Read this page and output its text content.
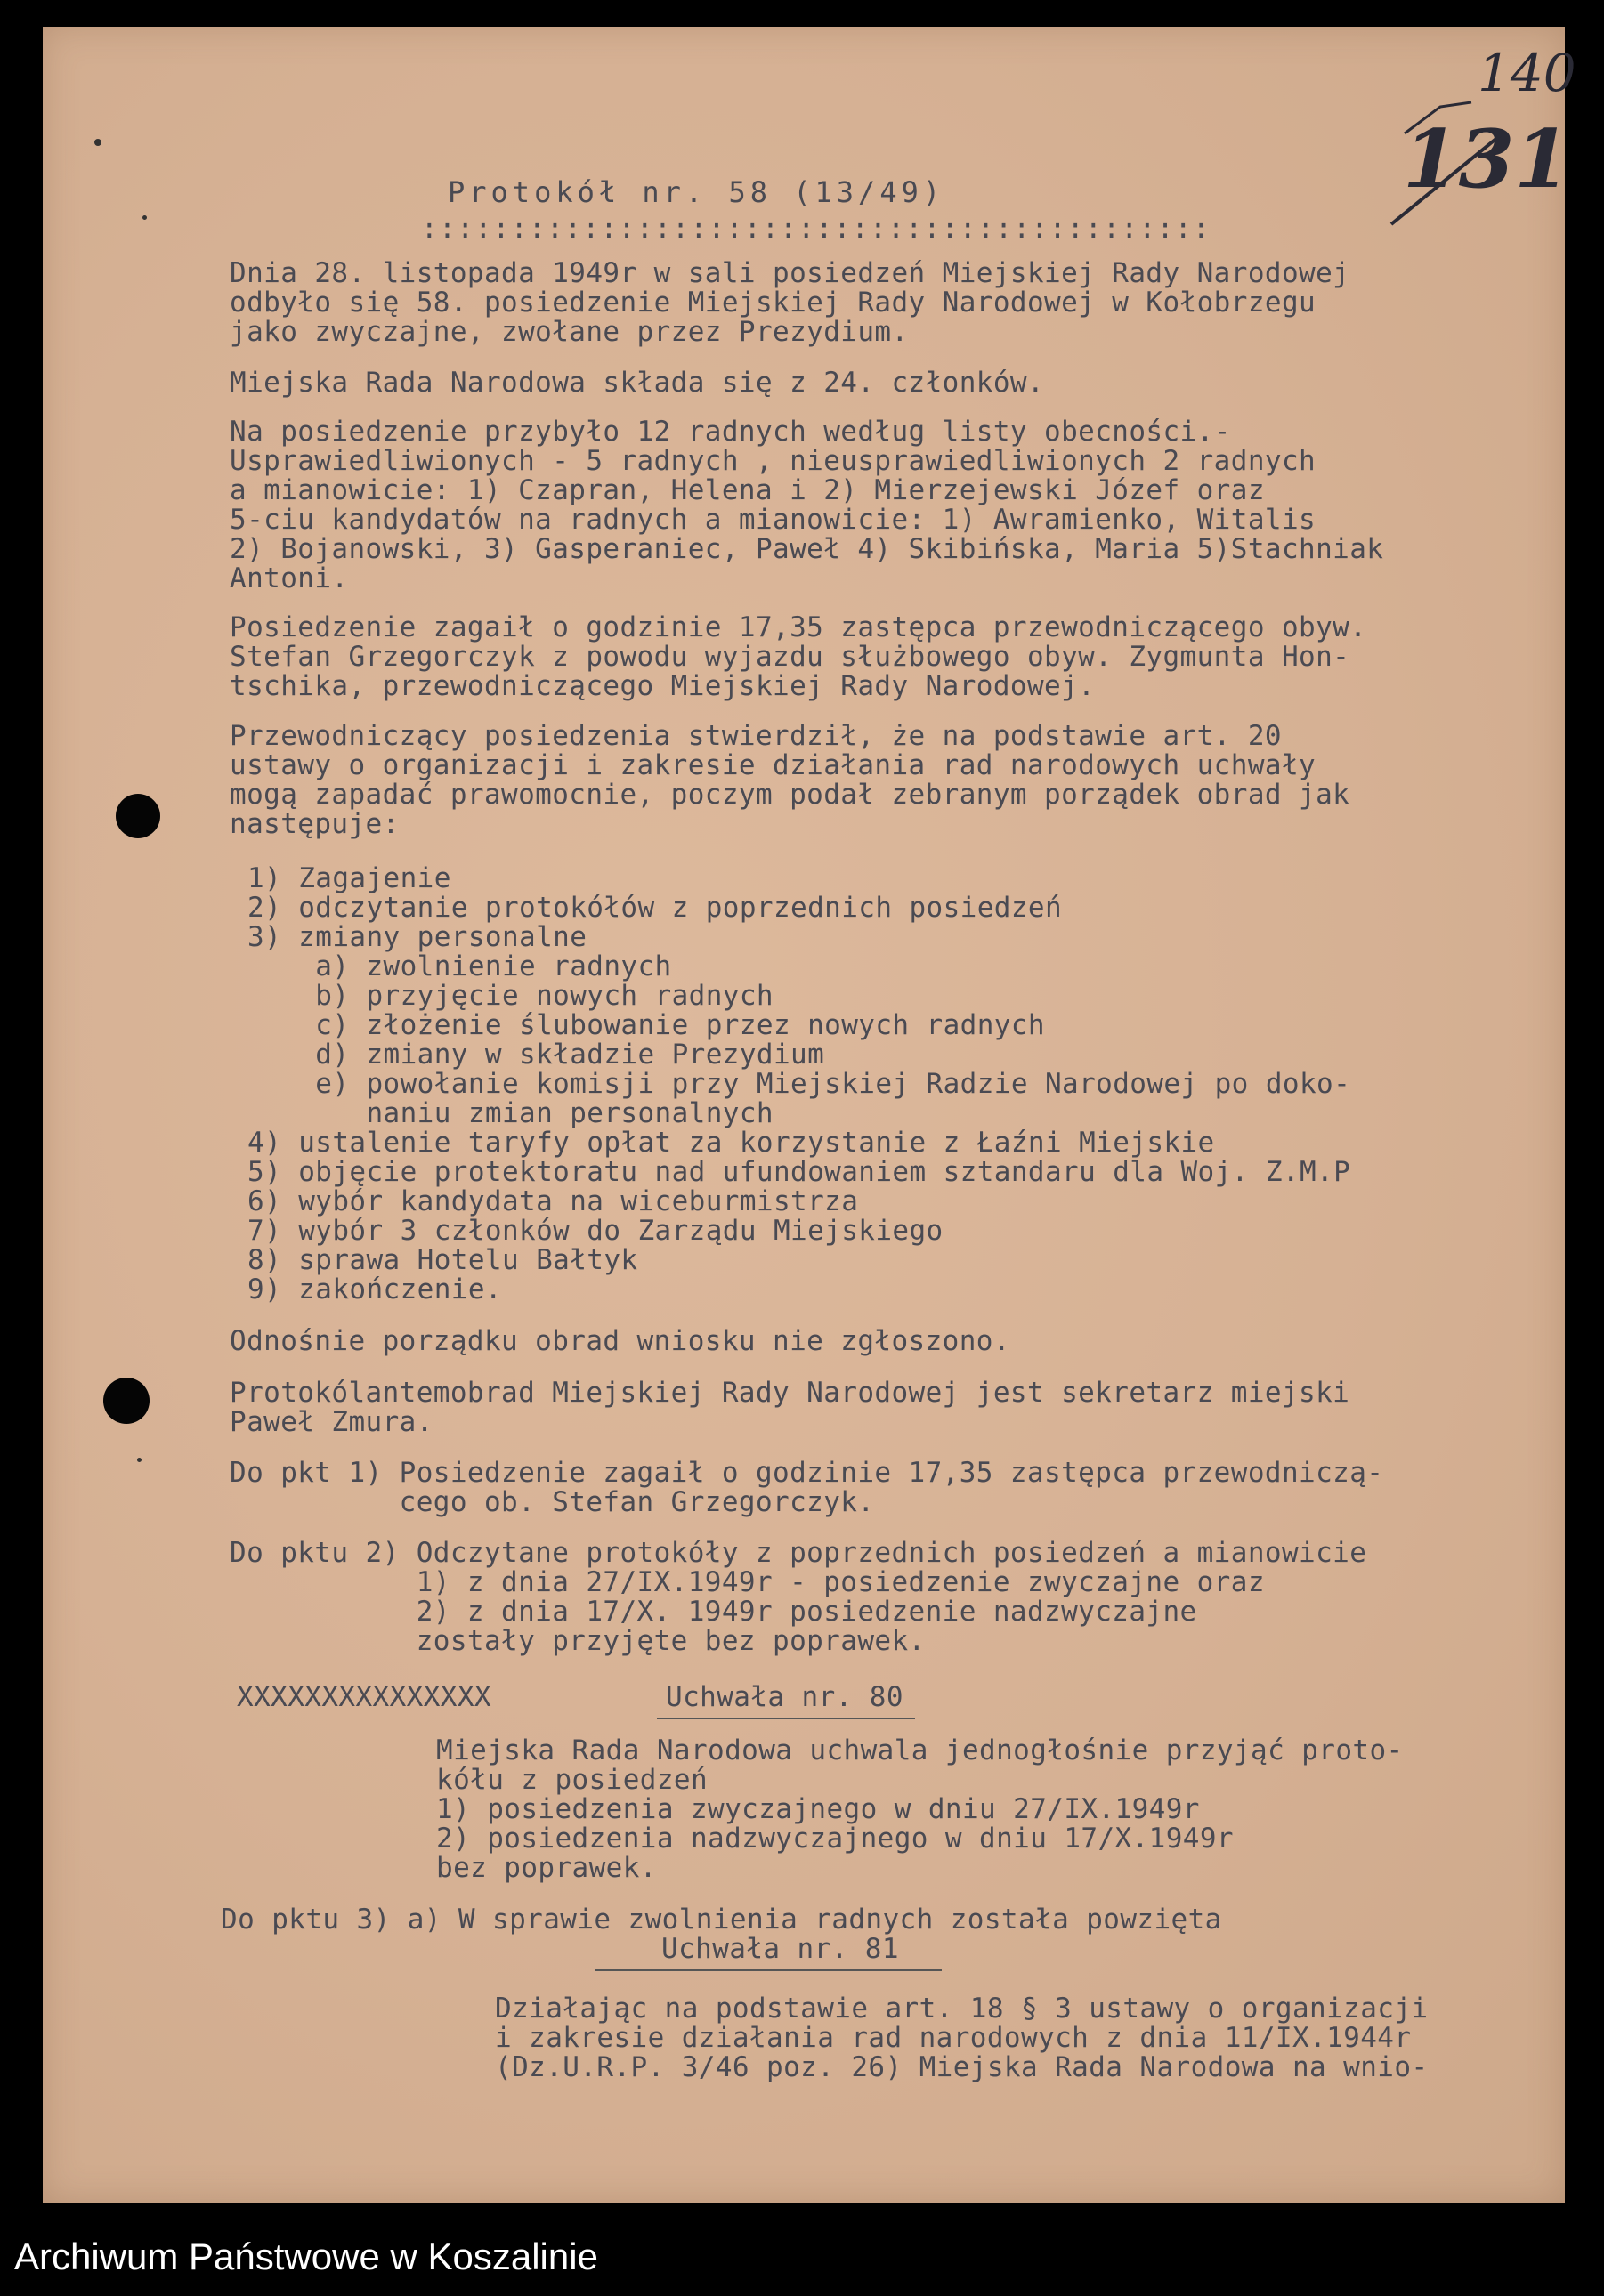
140
131
Protokół nr. 58 (13/49)
::::::::::::::::::::::::::::::::::::::::::::
Dnia 28. listopada 1949r w sali posiedzeń Miejskiej Rady Narodowej
odbyło się 58. posiedzenie Miejskiej Rady Narodowej w Kołobrzegu
jako zwyczajne, zwołane przez Prezydium.
Miejska Rada Narodowa składa się z 24. członków.
Na posiedzenie przybyło 12 radnych według listy obecności.-
Usprawiedliwionych - 5 radnych , nieusprawiedliwionych 2 radnych
a mianowicie: 1) Czapran, Helena i 2) Mierzejewski Józef oraz
5-ciu kandydatów na radnych a mianowicie: 1) Awramienko, Witalis
2) Bojanowski, 3) Gasperaniec, Paweł 4) Skibińska, Maria 5)Stachniak
Antoni.
Posiedzenie zagaił o godzinie 17,35 zastępca przewodniczącego obyw.
Stefan Grzegorczyk z powodu wyjazdu służbowego obyw. Zygmunta Hon-
tschika, przewodniczącego Miejskiej Rady Narodowej.
Przewodniczący posiedzenia stwierdził, że na podstawie art. 20
ustawy o organizacji i zakresie działania rad narodowych uchwały
mogą zapadać prawomocnie, poczym podał zebranym porządek obrad jak
następuje:
1) Zagajenie
2) odczytanie protokółów z poprzednich posiedzeń
3) zmiany personalne
a) zwolnienie radnych
b) przyjęcie nowych radnych
c) złożenie ślubowanie przez nowych radnych
d) zmiany w składzie Prezydium
e) powołanie komisji przy Miejskiej Radzie Narodowej po doko-
naniu zmian personalnych
4) ustalenie taryfy opłat za korzystanie z Łaźni Miejskie
5) objęcie protektoratu nad ufundowaniem sztandaru dla Woj. Z.M.P
6) wybór kandydata na wiceburmistrza
7) wybór 3 członków do Zarządu Miejskiego
8) sprawa Hotelu Bałtyk
9) zakończenie.
Odnośnie porządku obrad wniosku nie zgłoszono.
Protokólantemobrad Miejskiej Rady Narodowej jest sekretarz miejski
Paweł Zmura.
Do pkt 1) Posiedzenie zagaił o godzinie 17,35 zastępca przewodniczą-
cego ob. Stefan Grzegorczyk.
Do pktu 2) Odczytane protokóły z poprzednich posiedzeń a mianowicie
1) z dnia 27/IX.1949r - posiedzenie zwyczajne oraz
2) z dnia 17/X. 1949r posiedzenie nadzwyczajne
zostały przyjęte bez poprawek.
XXXXXXXXXXXXXXX	Uchwała nr. 80
Miejska Rada Narodowa uchwala jednogłośnie przyjąć proto-
kółu z posiedzeń
1) posiedzenia zwyczajnego w dniu 27/IX.1949r
2) posiedzenia nadzwyczajnego w dniu 17/X.1949r
bez poprawek.
Do pktu 3) a) W sprawie zwolnienia radnych została powzięta
Uchwała nr. 81
Działając na podstawie art. 18 § 3 ustawy o organizacji
i zakresie działania rad narodowych z dnia 11/IX.1944r
(Dz.U.R.P. 3/46 poz. 26) Miejska Rada Narodowa na wnio-
Archiwum Państwowe w Koszalinie
